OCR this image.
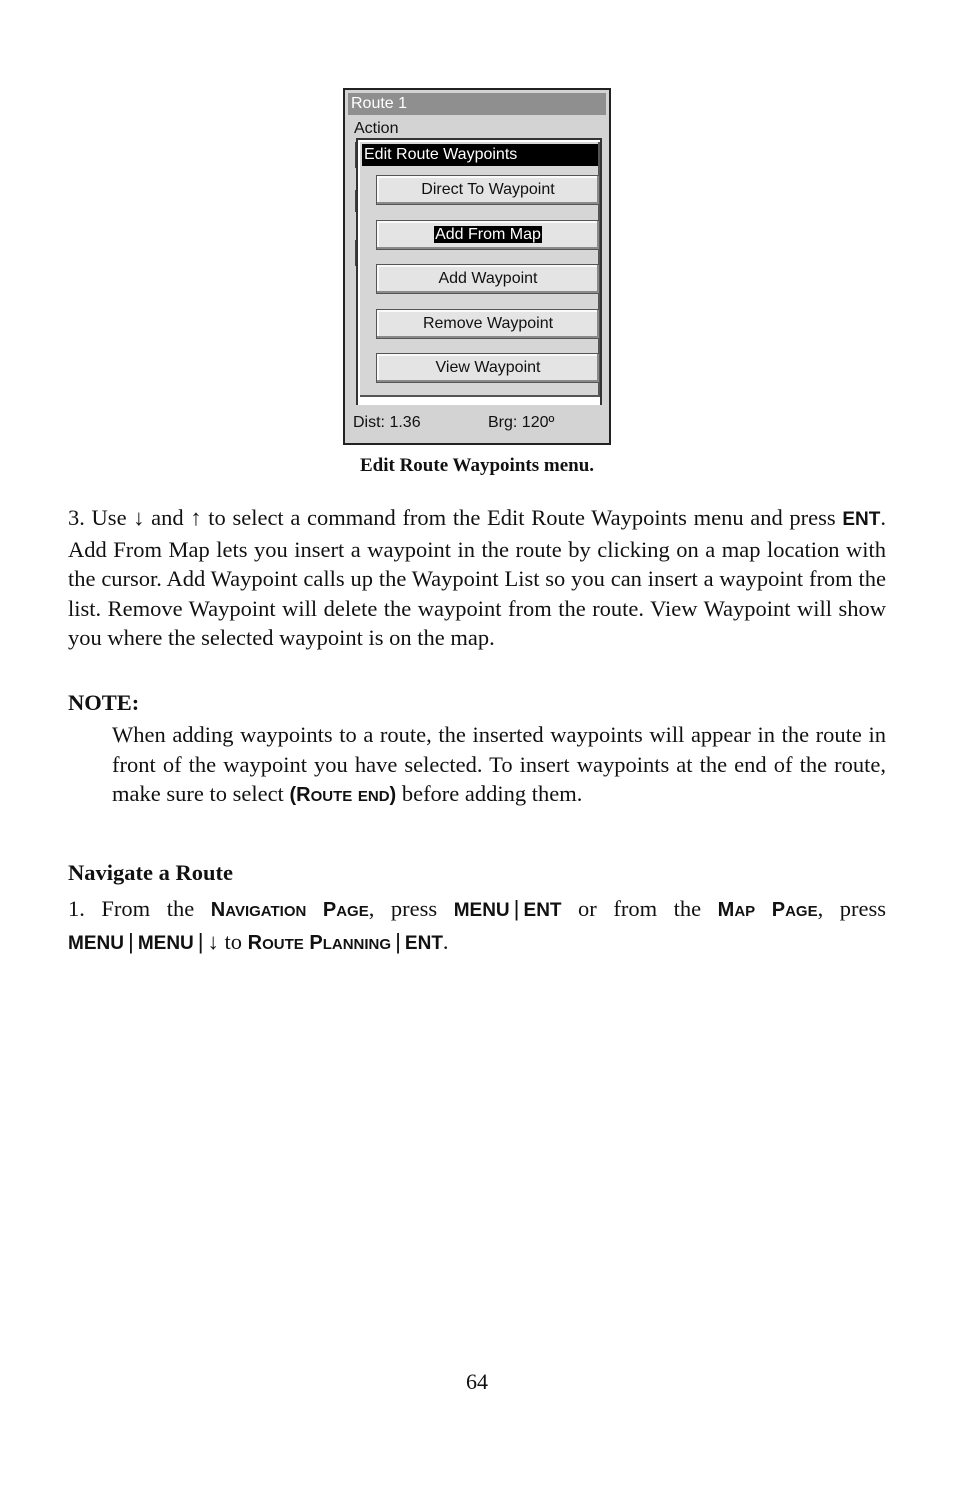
Route 1
Action
Edit Route Waypoints
Direct To Waypoint
Add From Map
Add Waypoint
Remove Waypoint
View Waypoint
Dist: 1.36	Brg: 120º
Edit Route Waypoints menu.

3. Use ↓ and ↑ to select a command from the Edit Route Waypoints menu and press ENT. Add From Map lets you insert a waypoint in the route by clicking on a map location with the cursor. Add Waypoint calls up the Waypoint List so you can insert a waypoint from the list. Remove Waypoint will delete the waypoint from the route. View Waypoint will show you where the selected waypoint is on the map.

NOTE:

When adding waypoints to a route, the inserted waypoints will appear in the route in front of the waypoint you have selected. To insert waypoints at the end of the route, make sure to select (ROUTE END) before adding them.

Navigate a Route

1. From the NAVIGATION PAGE, press MENU | ENT or from the MAP PAGE, press MENU | MENU | ↓ to ROUTE PLANNING | ENT.

64
